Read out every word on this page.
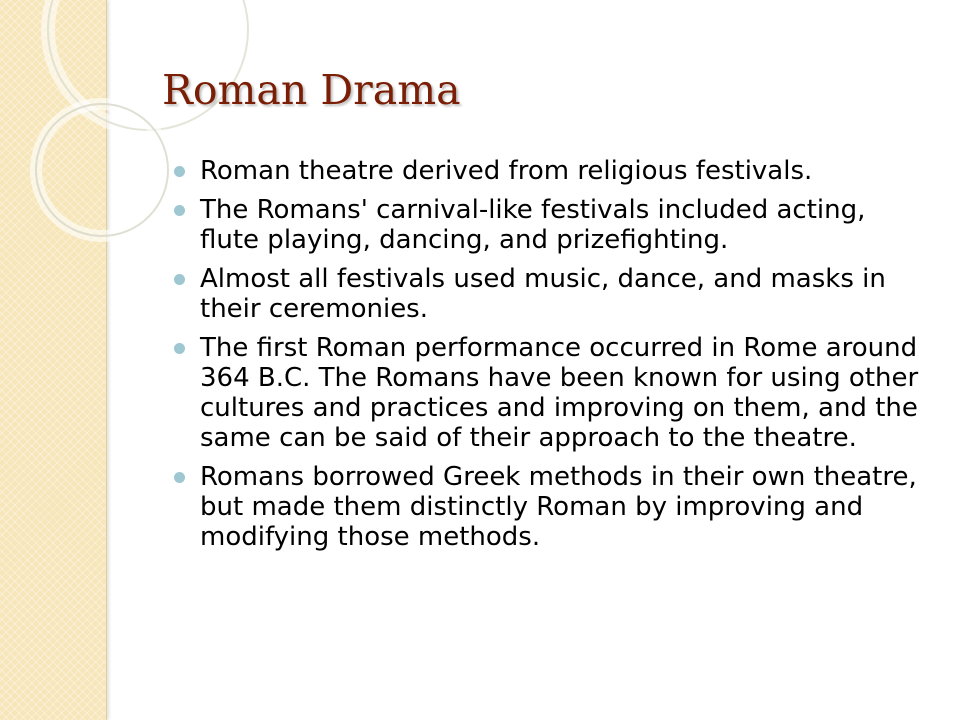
Roman Drama
Roman theatre derived from religious festivals.
The Romans' carnival-like festivals included acting, flute playing, dancing, and prizefighting.
Almost all festivals used music, dance, and masks in their ceremonies.
The first Roman performance occurred in Rome around 364 B.C. The Romans have been known for using other cultures and practices and improving on them, and the same can be said of their approach to the theatre.
Romans borrowed Greek methods in their own theatre, but made them distinctly Roman by improving and modifying those methods.
